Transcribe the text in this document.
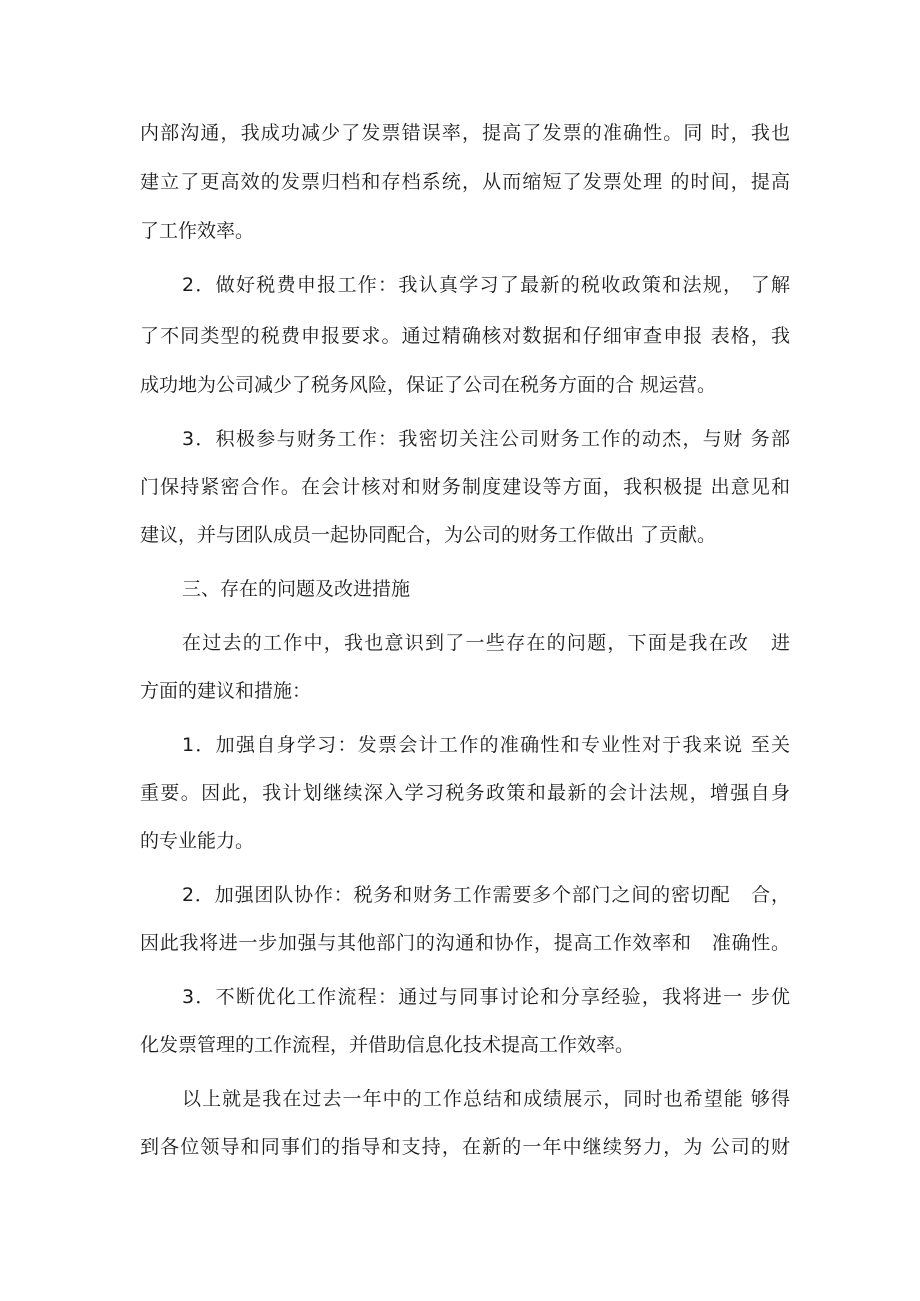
内部沟通，我成功减少了发票错误率，提高了发票的准确性。同 时，我也
建立了更高效的发票归档和存档系统，从而缩短了发票处理 的时间，提高
了工作效率。
2．做好税费申报工作：我认真学习了最新的税收政策和法规， 了解
了不同类型的税费申报要求。通过精确核对数据和仔细审查申报 表格，我
成功地为公司减少了税务风险，保证了公司在税务方面的合 规运营。
3．积极参与财务工作：我密切关注公司财务工作的动杰，与财 务部
门保持紧密合作。在会计核对和财务制度建设等方面，我积极提 出意见和
建议，并与团队成员一起协同配合，为公司的财务工作做出 了贡献。
三、存在的问题及改进措施
在过去的工作中，我也意识到了一些存在的问题，下面是我在改   进
方面的建议和措施：
1．加强自身学习：发票会计工作的准确性和专业性对于我来说 至关
重要。因此，我计划继续深入学习税务政策和最新的会计法规，增强自身
的专业能力。
2．加强团队协作：税务和财务工作需要多个部门之间的密切配   合，
因此我将进一步加强与其他部门的沟通和协作，提高工作效率和   准确性。
3．不断优化工作流程：通过与同事讨论和分享经验，我将进一 步优
化发票管理的工作流程，并借助信息化技术提高工作效率。
以上就是我在过去一年中的工作总结和成绩展示，同时也希望能 够得
到各位领导和同事们的指导和支持，在新的一年中继续努力，为 公司的财
